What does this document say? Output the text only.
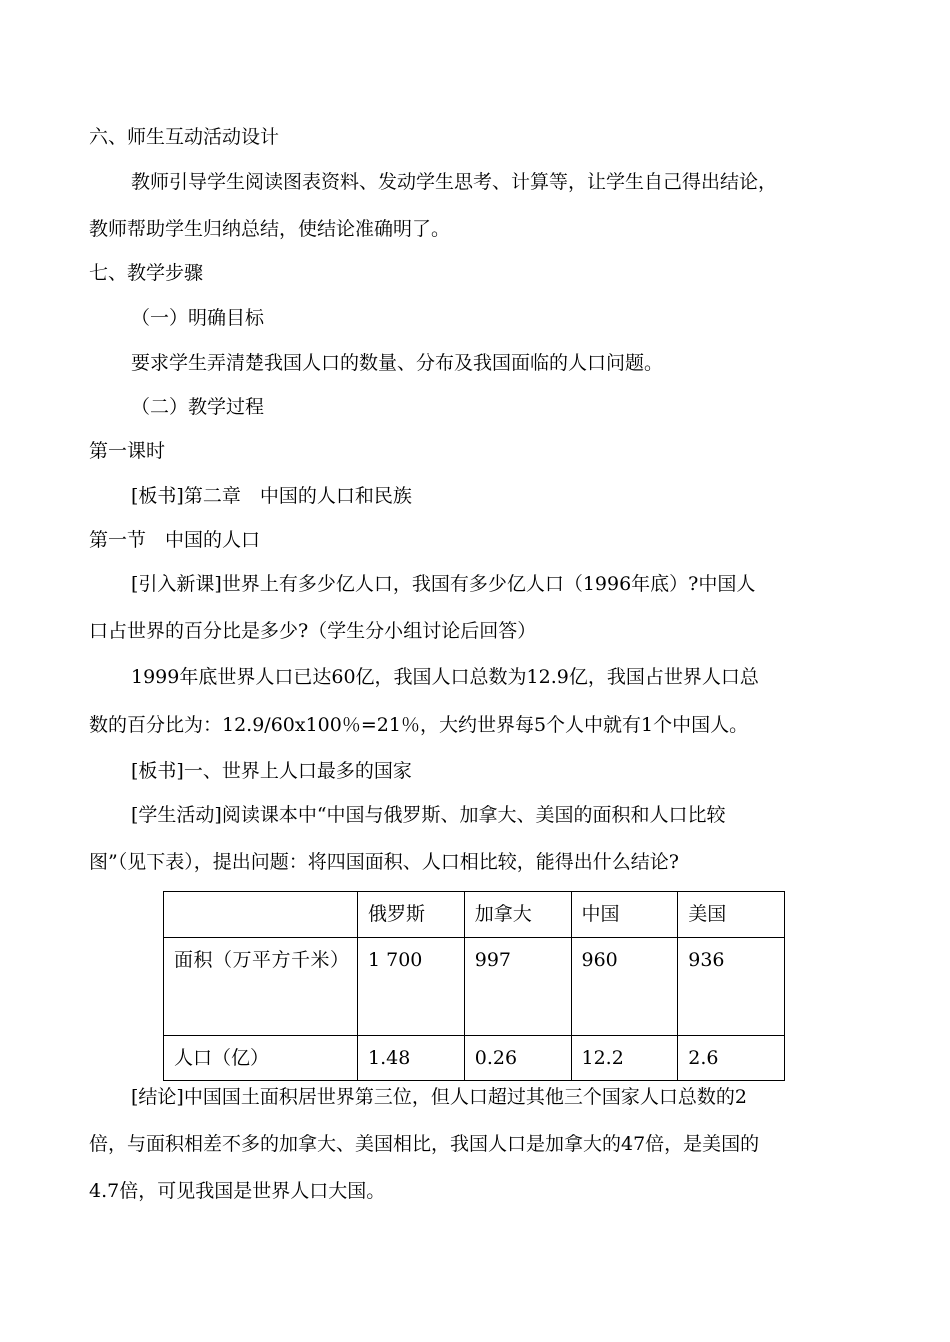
六、师生互动活动设计
教师引导学生阅读图表资料、发动学生思考、计算等，让学生自己得出结论，
教师帮助学生归纳总结，使结论准确明了。
七、教学步骤
（一）明确目标
要求学生弄清楚我国人口的数量、分布及我国面临的人口问题。
（二）教学过程
第一课时
[板书]第二章　中国的人口和民族
第一节　中国的人口
[引入新课]世界上有多少亿人口，我国有多少亿人口（1996年底）?中国人
口占世界的百分比是多少?（学生分小组讨论后回答）
1999年底世界人口已达60亿，我国人口总数为12.9亿，我国占世界人口总
数的百分比为：12.9/60x100％=21％，大约世界每5个人中就有1个中国人。
[板书]一、世界上人口最多的国家
[学生活动]阅读课本中“中国与俄罗斯、加拿大、美国的面积和人口比较
图”（见下表），提出问题：将四国面积、人口相比较，能得出什么结论?
	俄罗斯	加拿大	中国	美国
面积（万平方千米）	1 700	997	960	936
人口（亿）	1.48	0.26	12.2	2.6
[结论]中国国土面积居世界第三位，但人口超过其他三个国家人口总数的2
倍，与面积相差不多的加拿大、美国相比，我国人口是加拿大的47倍，是美国的
4.7倍，可见我国是世界人口大国。
